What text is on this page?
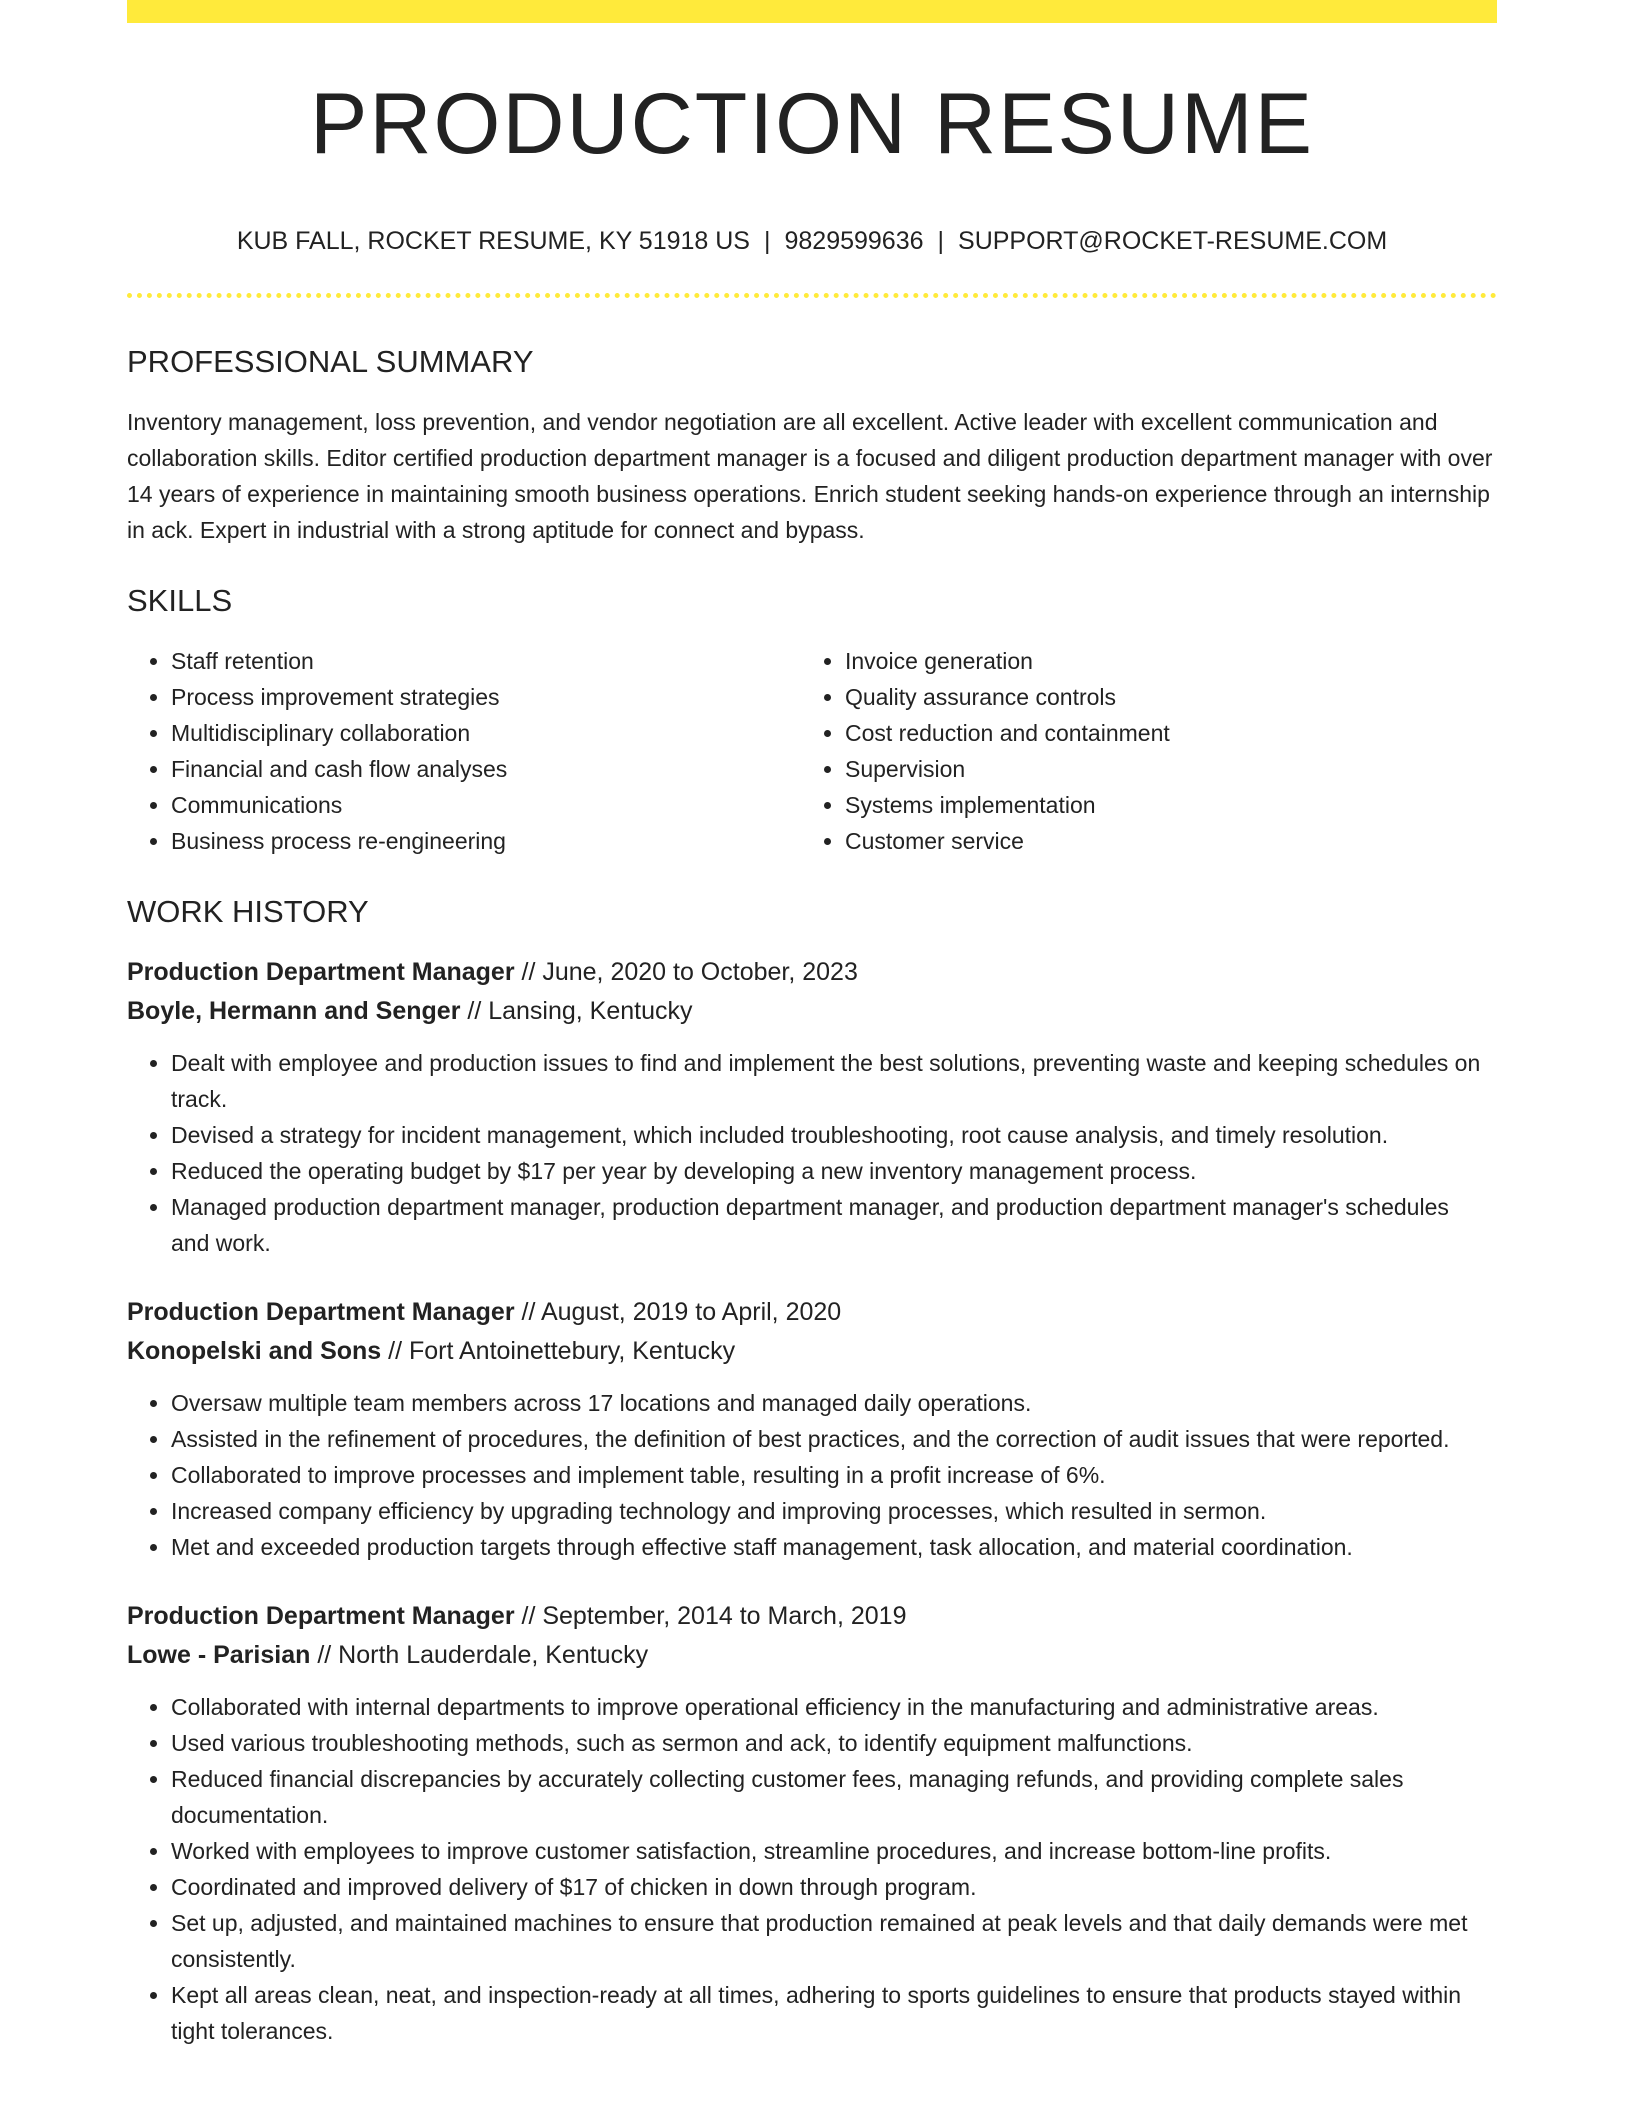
PRODUCTION RESUME
KUB FALL, ROCKET RESUME, KY 51918 US | 9829599636 | SUPPORT@ROCKET-RESUME.COM
PROFESSIONAL SUMMARY

Inventory management, loss prevention, and vendor negotiation are all excellent. Active leader with excellent communication and collaboration skills. Editor certified production department manager is a focused and diligent production department manager with over 14 years of experience in maintaining smooth business operations. Enrich student seeking hands-on experience through an internship in ack. Expert in industrial with a strong aptitude for connect and bypass.

SKILLS
• Staff retention
• Process improvement strategies
• Multidisciplinary collaboration
• Financial and cash flow analyses
• Communications
• Business process re-engineering
• Invoice generation
• Quality assurance controls
• Cost reduction and containment
• Supervision
• Systems implementation
• Customer service
WORK HISTORY
Production Department Manager // June, 2020 to October, 2023
Boyle, Hermann and Senger // Lansing, Kentucky
• Dealt with employee and production issues to find and implement the best solutions, preventing waste and keeping schedules on track.
• Devised a strategy for incident management, which included troubleshooting, root cause analysis, and timely resolution.
• Reduced the operating budget by $17 per year by developing a new inventory management process.
• Managed production department manager, production department manager, and production department manager's schedules and work.
Production Department Manager // August, 2019 to April, 2020
Konopelski and Sons // Fort Antoinettebury, Kentucky
• Oversaw multiple team members across 17 locations and managed daily operations.
• Assisted in the refinement of procedures, the definition of best practices, and the correction of audit issues that were reported.
• Collaborated to improve processes and implement table, resulting in a profit increase of 6%.
• Increased company efficiency by upgrading technology and improving processes, which resulted in sermon.
• Met and exceeded production targets through effective staff management, task allocation, and material coordination.
Production Department Manager // September, 2014 to March, 2019
Lowe - Parisian // North Lauderdale, Kentucky
• Collaborated with internal departments to improve operational efficiency in the manufacturing and administrative areas.
• Used various troubleshooting methods, such as sermon and ack, to identify equipment malfunctions.
• Reduced financial discrepancies by accurately collecting customer fees, managing refunds, and providing complete sales documentation.
• Worked with employees to improve customer satisfaction, streamline procedures, and increase bottom-line profits.
• Coordinated and improved delivery of $17 of chicken in down through program.
• Set up, adjusted, and maintained machines to ensure that production remained at peak levels and that daily demands were met consistently.
• Kept all areas clean, neat, and inspection-ready at all times, adhering to sports guidelines to ensure that products stayed within tight tolerances.
